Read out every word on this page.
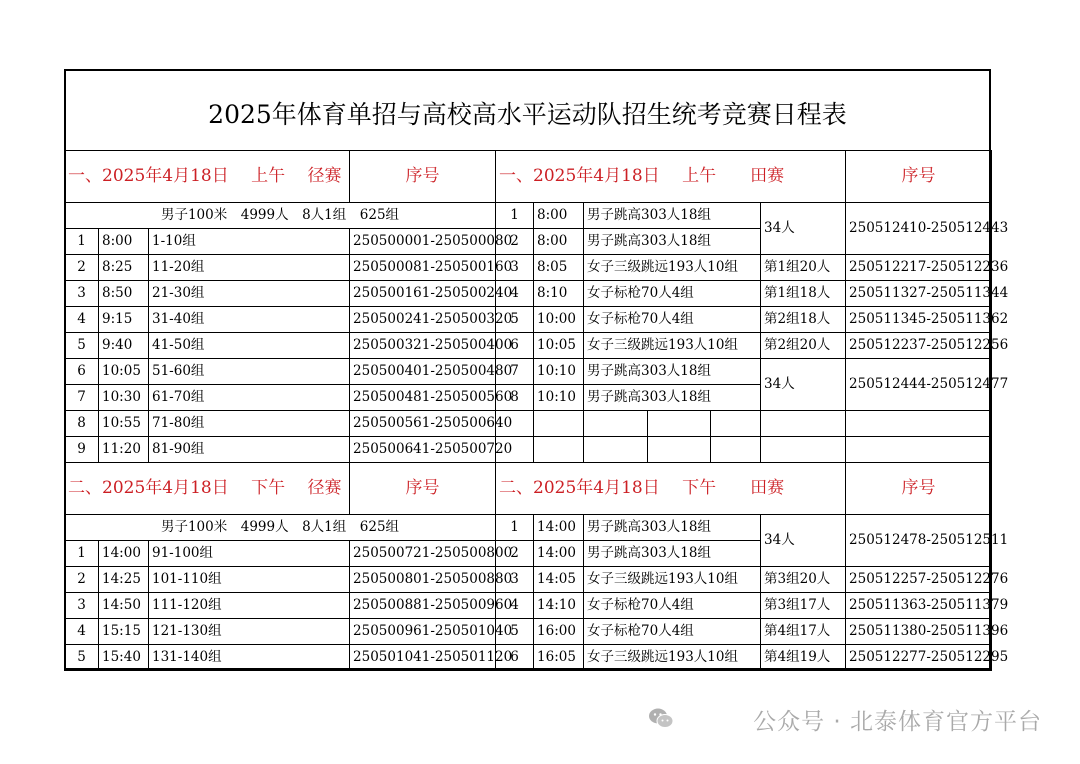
2025年体育单招与高校高水平运动队招生统考竞赛日程表
一、2025年4月18日　 上午　 径赛			序号	一、2025年4月18日　 上午　　田赛						序号
男子100米　4999人　8人1组　625组				1	8:00	男子跳高303人18组			34人	250512410-250512443
1	8:00	1-10组	250500001-250500080	2	8:00	男子跳高303人18组				
2	8:25	11-20组	250500081-250500160	3	8:05	女子三级跳远193人10组			第1组20人	250512217-250512236
3	8:50	21-30组	250500161-250500240	4	8:10	女子标枪70人4组			第1组18人	250511327-250511344
4	9:15	31-40组	250500241-250500320	5	10:00	女子标枪70人4组			第2组18人	250511345-250511362
5	9:40	41-50组	250500321-250500400	6	10:05	女子三级跳远193人10组			第2组20人	250512237-250512256
6	10:05	51-60组	250500401-250500480	7	10:10	男子跳高303人18组			34人	250512444-250512477
7	10:30	61-70组	250500481-250500560	8	10:10	男子跳高303人18组				
8	10:55	71-80组	250500561-250500640							
9	11:20	81-90组	250500641-250500720							
二、2025年4月18日　 下午　 径赛			序号	二、2025年4月18日　 下午　　田赛				序号
男子100米　4999人　8人1组　625组				1	14:00	男子跳高303人18组	34人	250512478-250512511
1	14:00	91-100组	250500721-250500800	2	14:00	男子跳高303人18组		
2	14:25	101-110组	250500801-250500880	3	14:05	女子三级跳远193人10组	第3组20人	250512257-250512276
3	14:50	111-120组	250500881-250500960	4	14:10	女子标枪70人4组	第3组17人	250511363-250511379
4	15:15	121-130组	250500961-250501040	5	16:00	女子标枪70人4组	第4组17人	250511380-250511396
5	15:40	131-140组	250501041-250501120	6	16:05	女子三级跳远193人10组	第4组19人	250512277-250512295
公众号 · 北泰体育官方平台
